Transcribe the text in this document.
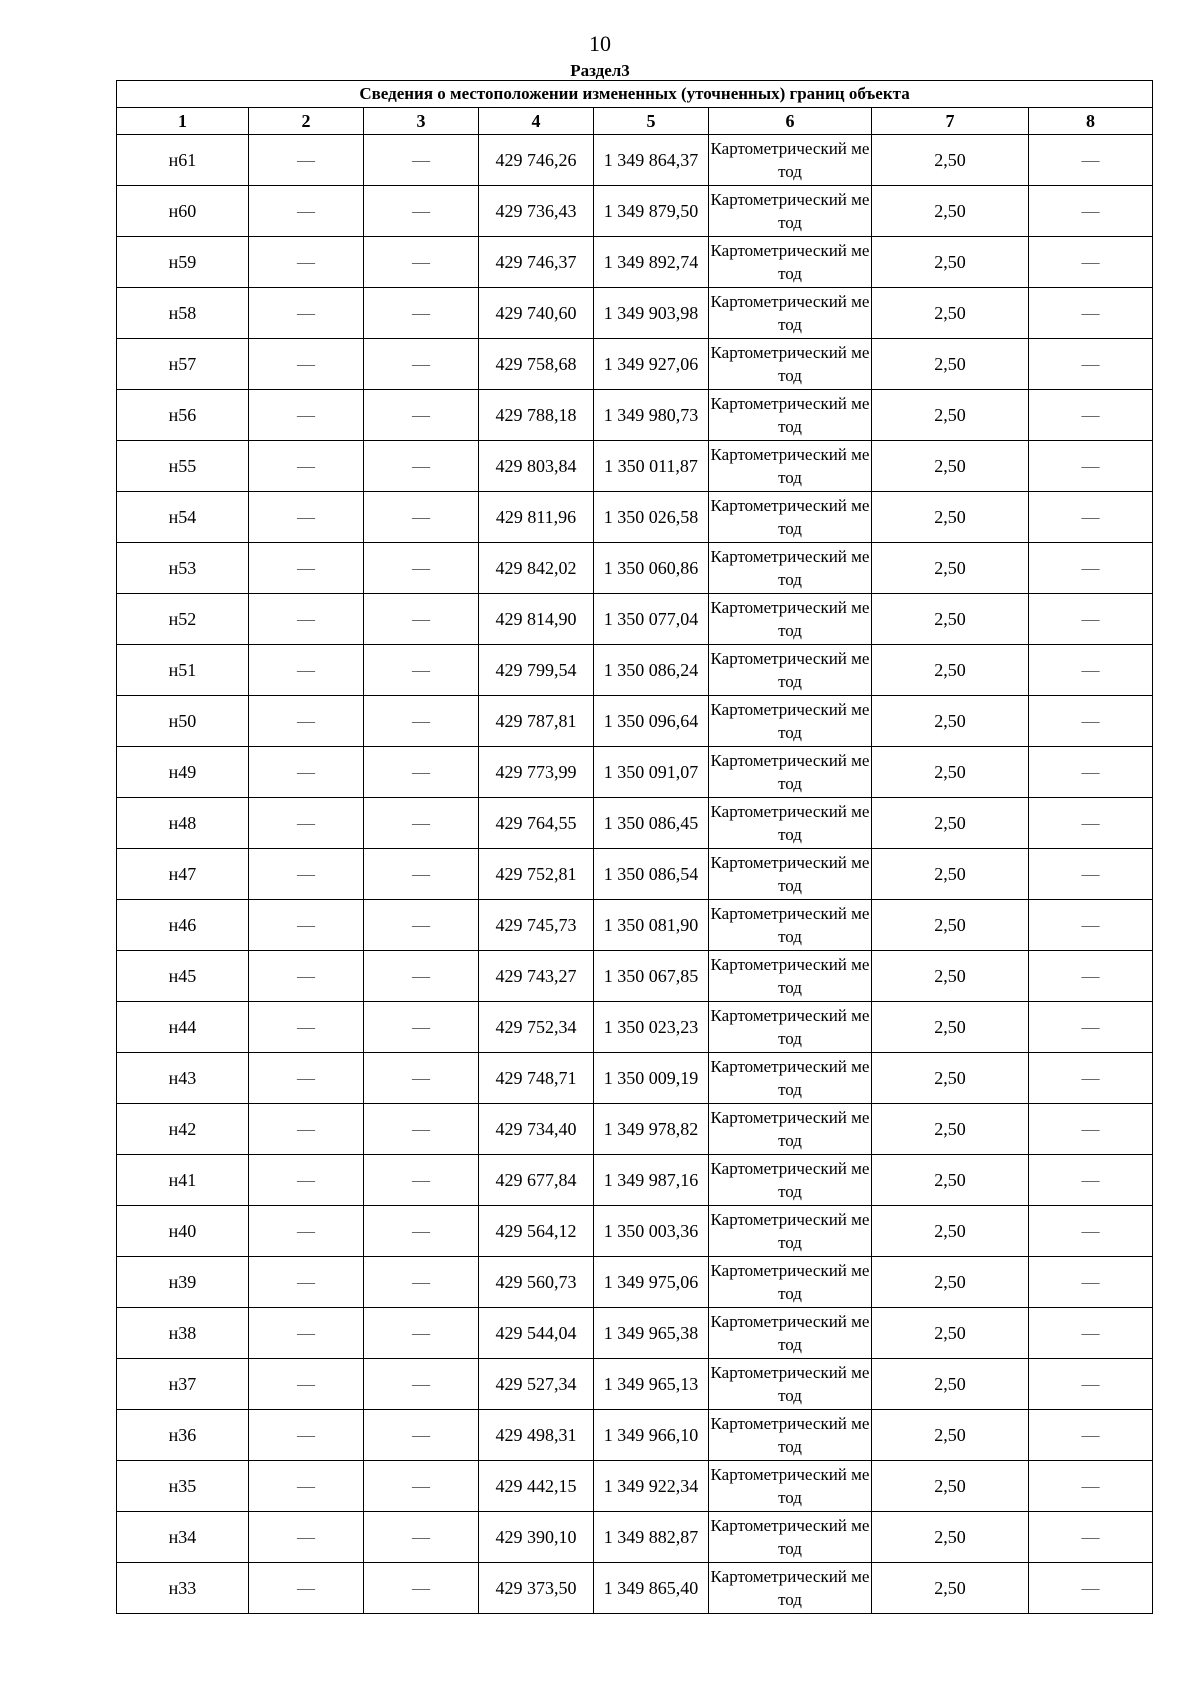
10
Раздел3
Сведения о местоположении измененных (уточненных) границ объекта							
1	2	3	4	5	6	7	8
н61	—	—	429 746,26	1 349 864,37	Картометрический метод	2,50	—
н60	—	—	429 736,43	1 349 879,50	Картометрический метод	2,50	—
н59	—	—	429 746,37	1 349 892,74	Картометрический метод	2,50	—
н58	—	—	429 740,60	1 349 903,98	Картометрический метод	2,50	—
н57	—	—	429 758,68	1 349 927,06	Картометрический метод	2,50	—
н56	—	—	429 788,18	1 349 980,73	Картометрический метод	2,50	—
н55	—	—	429 803,84	1 350 011,87	Картометрический метод	2,50	—
н54	—	—	429 811,96	1 350 026,58	Картометрический метод	2,50	—
н53	—	—	429 842,02	1 350 060,86	Картометрический метод	2,50	—
н52	—	—	429 814,90	1 350 077,04	Картометрический метод	2,50	—
н51	—	—	429 799,54	1 350 086,24	Картометрический метод	2,50	—
н50	—	—	429 787,81	1 350 096,64	Картометрический метод	2,50	—
н49	—	—	429 773,99	1 350 091,07	Картометрический метод	2,50	—
н48	—	—	429 764,55	1 350 086,45	Картометрический метод	2,50	—
н47	—	—	429 752,81	1 350 086,54	Картометрический метод	2,50	—
н46	—	—	429 745,73	1 350 081,90	Картометрический метод	2,50	—
н45	—	—	429 743,27	1 350 067,85	Картометрический метод	2,50	—
н44	—	—	429 752,34	1 350 023,23	Картометрический метод	2,50	—
н43	—	—	429 748,71	1 350 009,19	Картометрический метод	2,50	—
н42	—	—	429 734,40	1 349 978,82	Картометрический метод	2,50	—
н41	—	—	429 677,84	1 349 987,16	Картометрический метод	2,50	—
н40	—	—	429 564,12	1 350 003,36	Картометрический метод	2,50	—
н39	—	—	429 560,73	1 349 975,06	Картометрический метод	2,50	—
н38	—	—	429 544,04	1 349 965,38	Картометрический метод	2,50	—
н37	—	—	429 527,34	1 349 965,13	Картометрический метод	2,50	—
н36	—	—	429 498,31	1 349 966,10	Картометрический метод	2,50	—
н35	—	—	429 442,15	1 349 922,34	Картометрический метод	2,50	—
н34	—	—	429 390,10	1 349 882,87	Картометрический метод	2,50	—
н33	—	—	429 373,50	1 349 865,40	Картометрический метод	2,50	—
